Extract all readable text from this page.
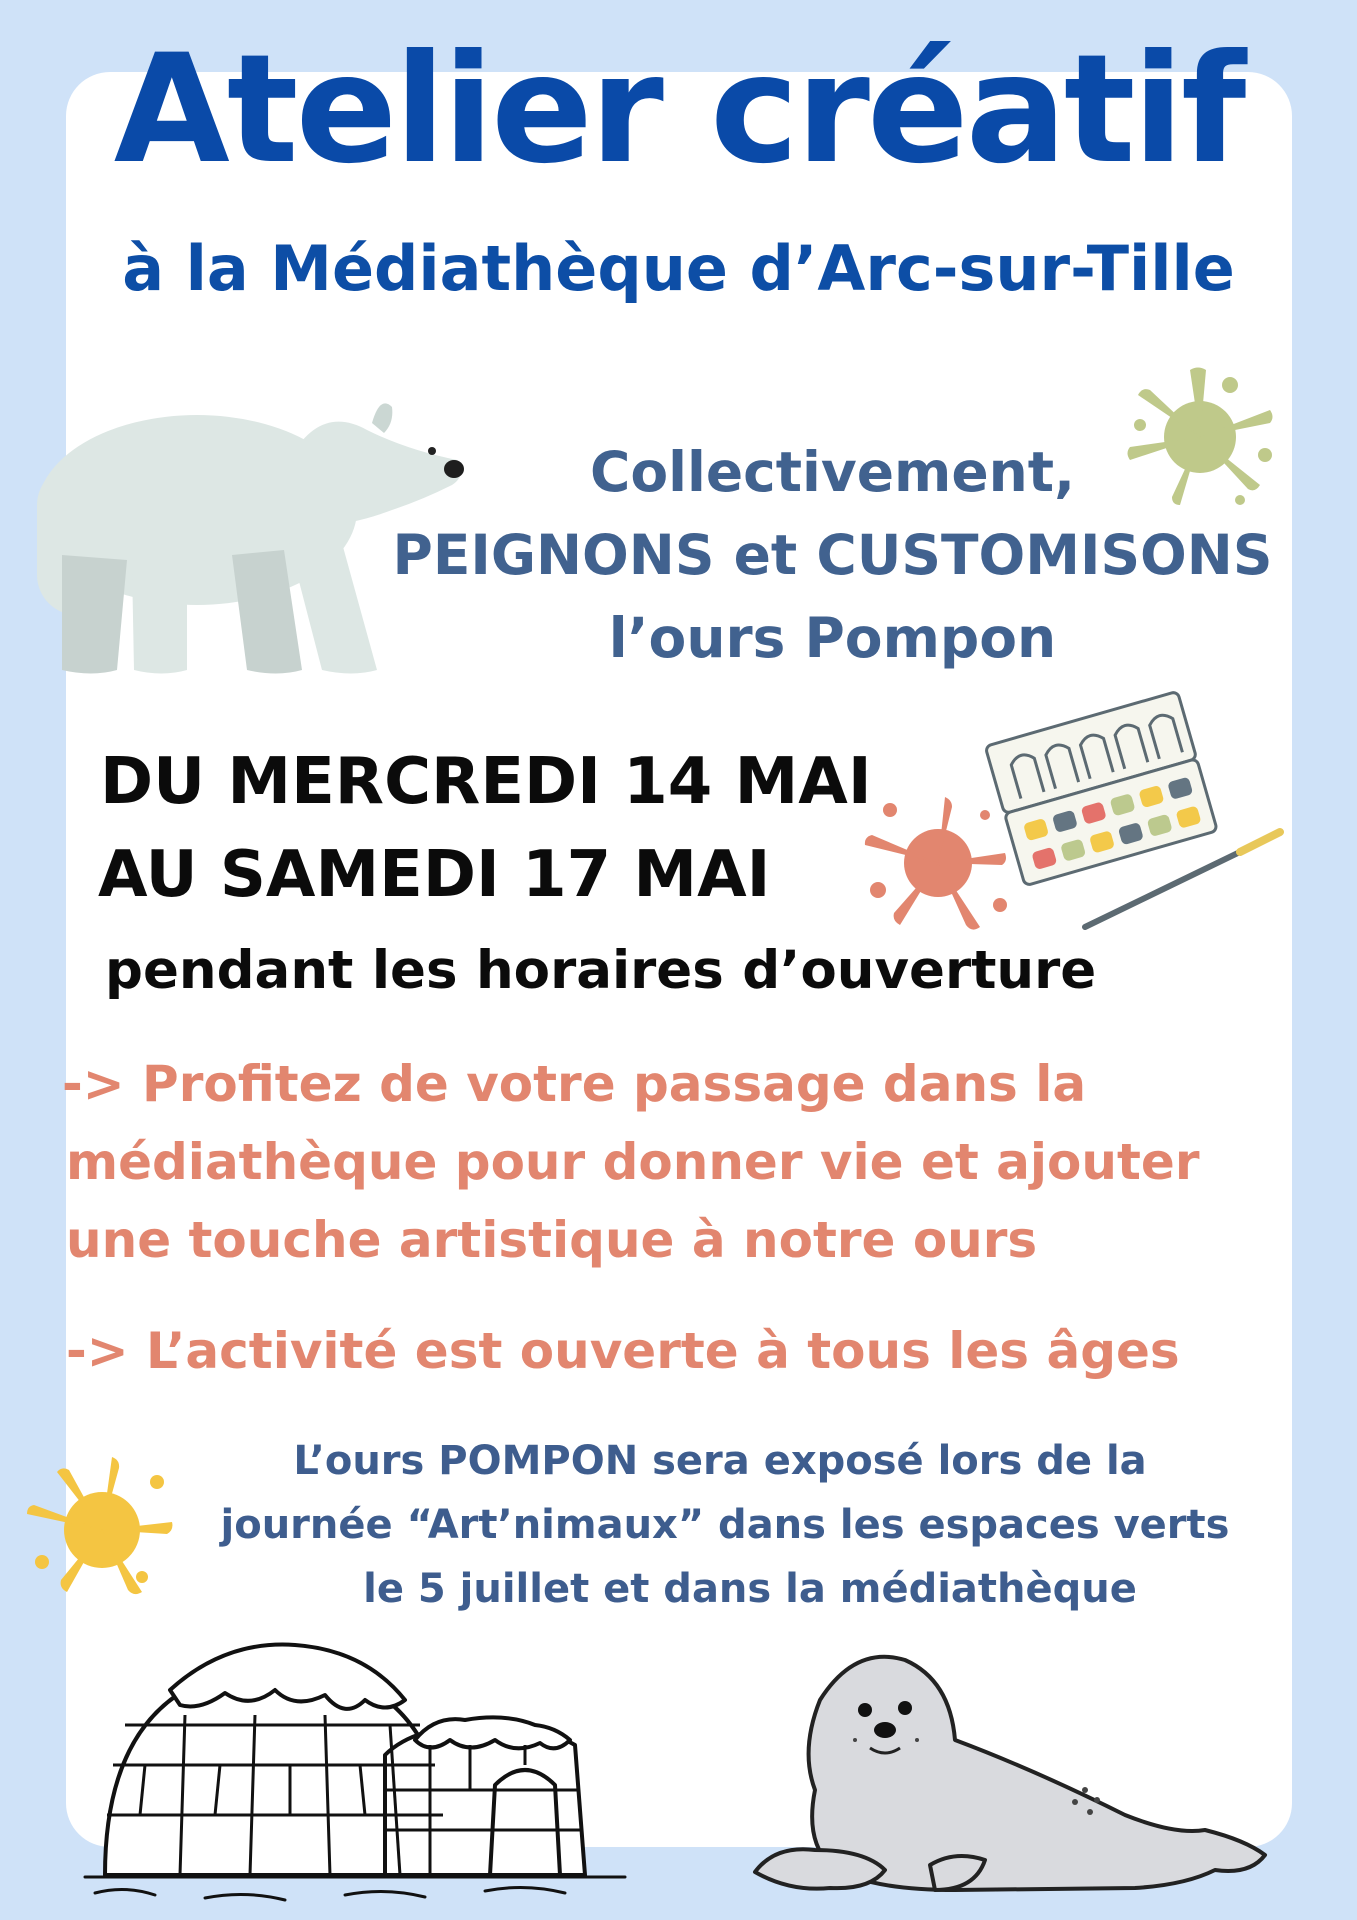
Atelier créatif
à la Médiathèque d’Arc-sur-Tille
Collectivement,
PEIGNONS et CUSTOMISONS
l’ours Pompon
DU MERCREDI 14 MAI
AU SAMEDI 17 MAI
pendant les horaires d’ouverture
-> Profitez de votre passage dans la
médiathèque pour donner vie et ajouter
une touche artistique à notre ours
-> L’activité est ouverte à tous les âges
L’ours POMPON sera exposé lors de la
journée “Art’nimaux” dans les espaces verts
le 5 juillet et dans la médiathèque
